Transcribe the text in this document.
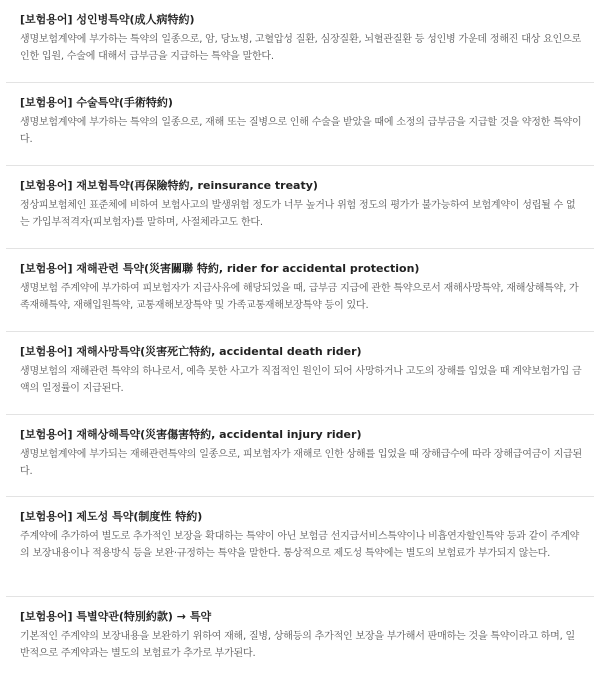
[보험용어] 성인병특약(成人病特約)

생명보험계약에 부가하는 특약의 일종으로, 암, 당뇨병, 고혈압성 질환, 심장질환, 뇌혈관질환 등 성인병 가운데 정해진 대상 요인으로 인한 입원, 수술에 대해서 급부금을 지급하는 특약을 말한다.

[보험용어] 수술특약(手術特約)

생명보험계약에 부가하는 특약의 일종으로, 재해 또는 질병으로 인해 수술을 받았을 때에 소정의 급부금을 지급할 것을 약정한 특약이다.

[보험용어] 재보험특약(再保險特約, reinsurance treaty)

정상피보험체인 표준체에 비하여 보험사고의 발생위험 정도가 너무 높거나 위험 정도의 평가가 불가능하여 보험계약이 성립될 수 없는 가입부적격자(피보험자)를 말하며, 사절체라고도 한다.

[보험용어] 재해관련 특약(災害關聯 特約, rider for accidental protection)

생명보험 주계약에 부가하여 피보험자가 지급사유에 해당되었을 때, 급부금 지급에 관한 특약으로서 재해사망특약, 재해상해특약, 가족재해특약, 재해입원특약, 교통재해보장특약 및 가족교통재해보장특약 등이 있다.

[보험용어] 재해사망특약(災害死亡特約, accidental death rider)

생명보험의 재해관련 특약의 하나로서, 예측 못한 사고가 직접적인 원인이 되어 사망하거나 고도의 장해를 입었을 때 계약보험가입 금액의 일정률이 지급된다.

[보험용어] 재해상해특약(災害傷害特約, accidental injury rider)

생명보험계약에 부가되는 재해관련특약의 일종으로, 피보험자가 재해로 인한 상해를 입었을 때 장해급수에 따라 장해급여금이 지급된다.

[보험용어] 제도성 특약(制度性 特約)

주계약에 추가하여 별도로 추가적인 보장을 확대하는 특약이 아닌 보험금 선지급서비스특약이나 비흡연자할인특약 등과 같이 주계약의 보장내용이나 적용방식 등을 보완·규정하는 특약을 말한다. 통상적으로 제도성 특약에는 별도의 보험료가 부가되지 않는다.

[보험용어] 특별약관(特別約款) → 특약

기본적인 주계약의 보장내용을 보완하기 위하여 재해, 질병, 상해등의 추가적인 보장을 부가해서 판매하는 것을 특약이라고 하며, 일반적으로 주계약과는 별도의 보험료가 추가로 부가된다.
